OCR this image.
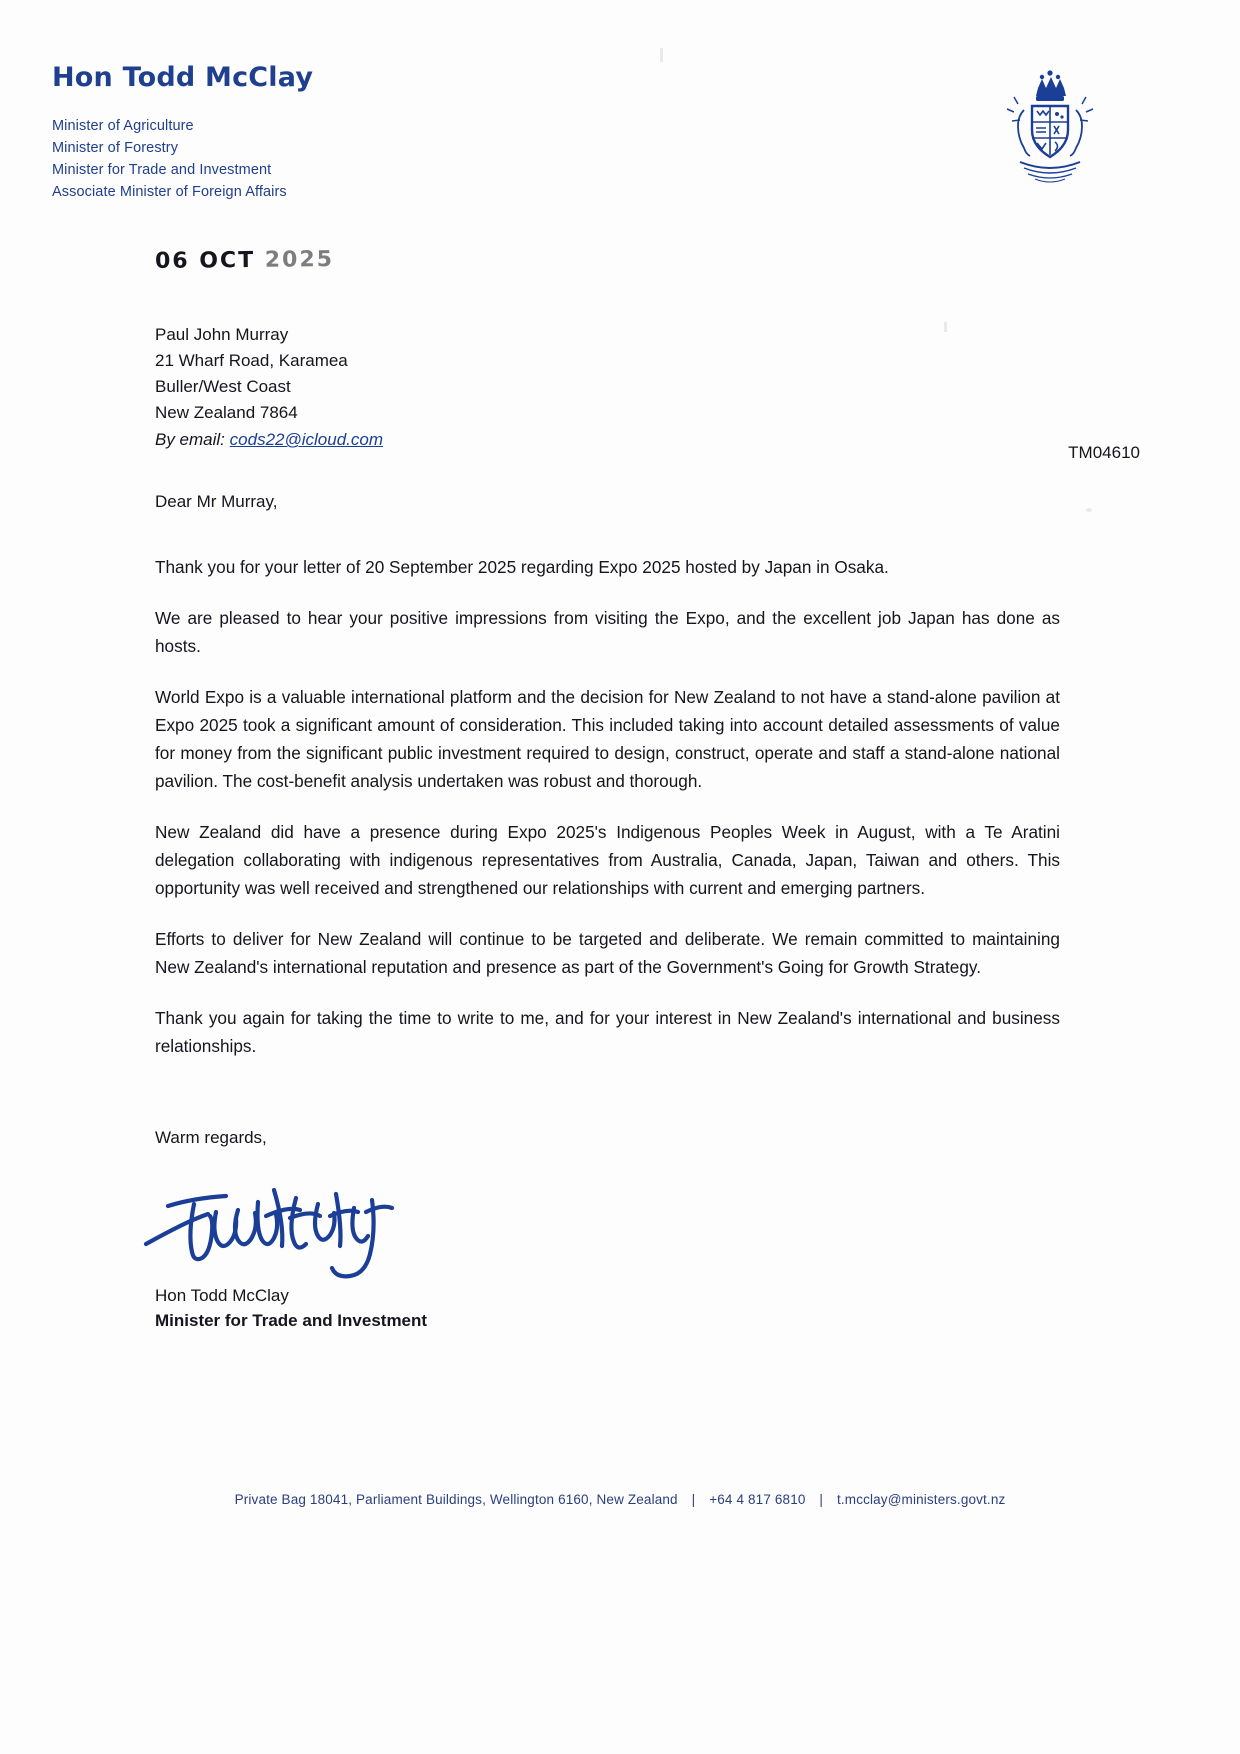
Hon Todd McClay
Minister of Agriculture
Minister of Forestry
Minister for Trade and Investment
Associate Minister of Foreign Affairs
06 OCT 2025
Paul John Murray
21 Wharf Road, Karamea
Buller/West Coast
New Zealand 7864
By email: cods22@icloud.com
TM04610
Dear Mr Murray,

Thank you for your letter of 20 September 2025 regarding Expo 2025 hosted by Japan in Osaka.

We are pleased to hear your positive impressions from visiting the Expo, and the excellent job Japan has done as hosts.

World Expo is a valuable international platform and the decision for New Zealand to not have a stand-alone pavilion at Expo 2025 took a significant amount of consideration. This included taking into account detailed assessments of value for money from the significant public investment required to design, construct, operate and staff a stand-alone national pavilion. The cost-benefit analysis undertaken was robust and thorough.

New Zealand did have a presence during Expo 2025's Indigenous Peoples Week in August, with a Te Aratini delegation collaborating with indigenous representatives from Australia, Canada, Japan, Taiwan and others. This opportunity was well received and strengthened our relationships with current and emerging partners.

Efforts to deliver for New Zealand will continue to be targeted and deliberate. We remain committed to maintaining New Zealand's international reputation and presence as part of the Government's Going for Growth Strategy.

Thank you again for taking the time to write to me, and for your interest in New Zealand's international and business relationships.

Warm regards,
Hon Todd McClay
Minister for Trade and Investment
Private Bag 18041, Parliament Buildings, Wellington 6160, New Zealand | +64 4 817 6810 | t.mcclay@ministers.govt.nz
